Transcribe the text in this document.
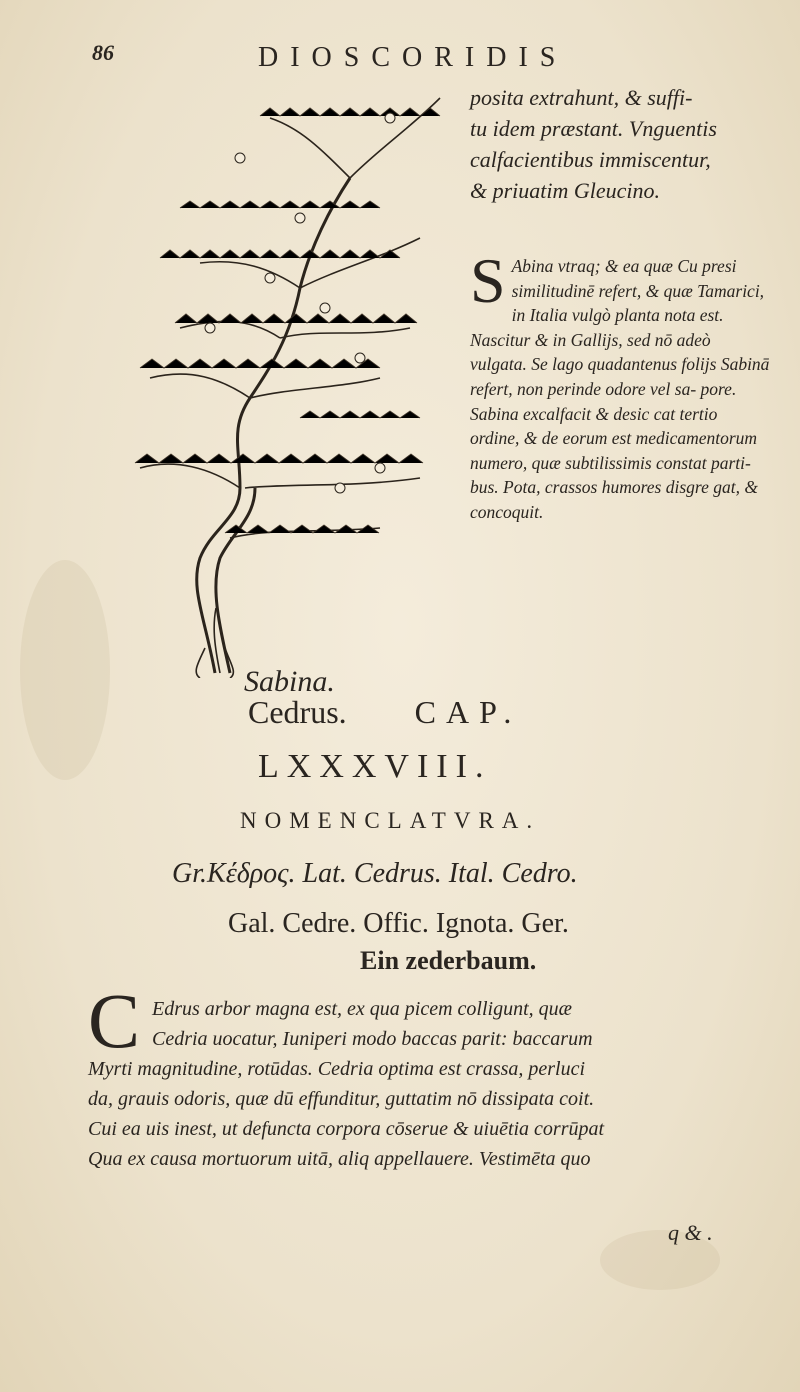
86	DIOSCORIDIS
Sabina.

posita extrahunt, & suffi-
tu idem præstant. Vnguentis
calfacientibus immiscentur,
& priuatim Gleucino.

S Abina vtraq; & ea quæ Cu presi similitudinē refert, & quæ Tamarici, in Italia vulgò planta nota est. Nascitur & in Gallijs, sed nō adeò vulgata. Se lago quadantenus folijs Sabinā refert, non perinde odore vel sa- pore. Sabina excalfacit & desic cat tertio ordine, & de eorum est medicamentorum numero, quæ subtilissimis constat parti- bus. Pota, crassos humores disgre gat, & concoquit.
Cedrus. CAP.
LXXXVIII.
NOMENCLATVRA.
Gr.Κέδρος. Lat. Cedrus. Ital. Cedro.
Gal. Cedre. Offic. Ignota. Ger.
Ein zederbaum.
C Edrus arbor magna est, ex qua picem colligunt, quæ
Cedria uocatur, Iuniperi modo baccas parit: baccarum
Myrti magnitudine, rotūdas. Cedria optima est crassa, perluci
da, grauis odoris, quæ dū effunditur, guttatim nō dissipata coit.
Cui ea uis inest, ut defuncta corpora cōserue & uiuētia corrūpat
Qua ex causa mortuorum uitā, aliq appellauere. Vestimēta quo
q & .
